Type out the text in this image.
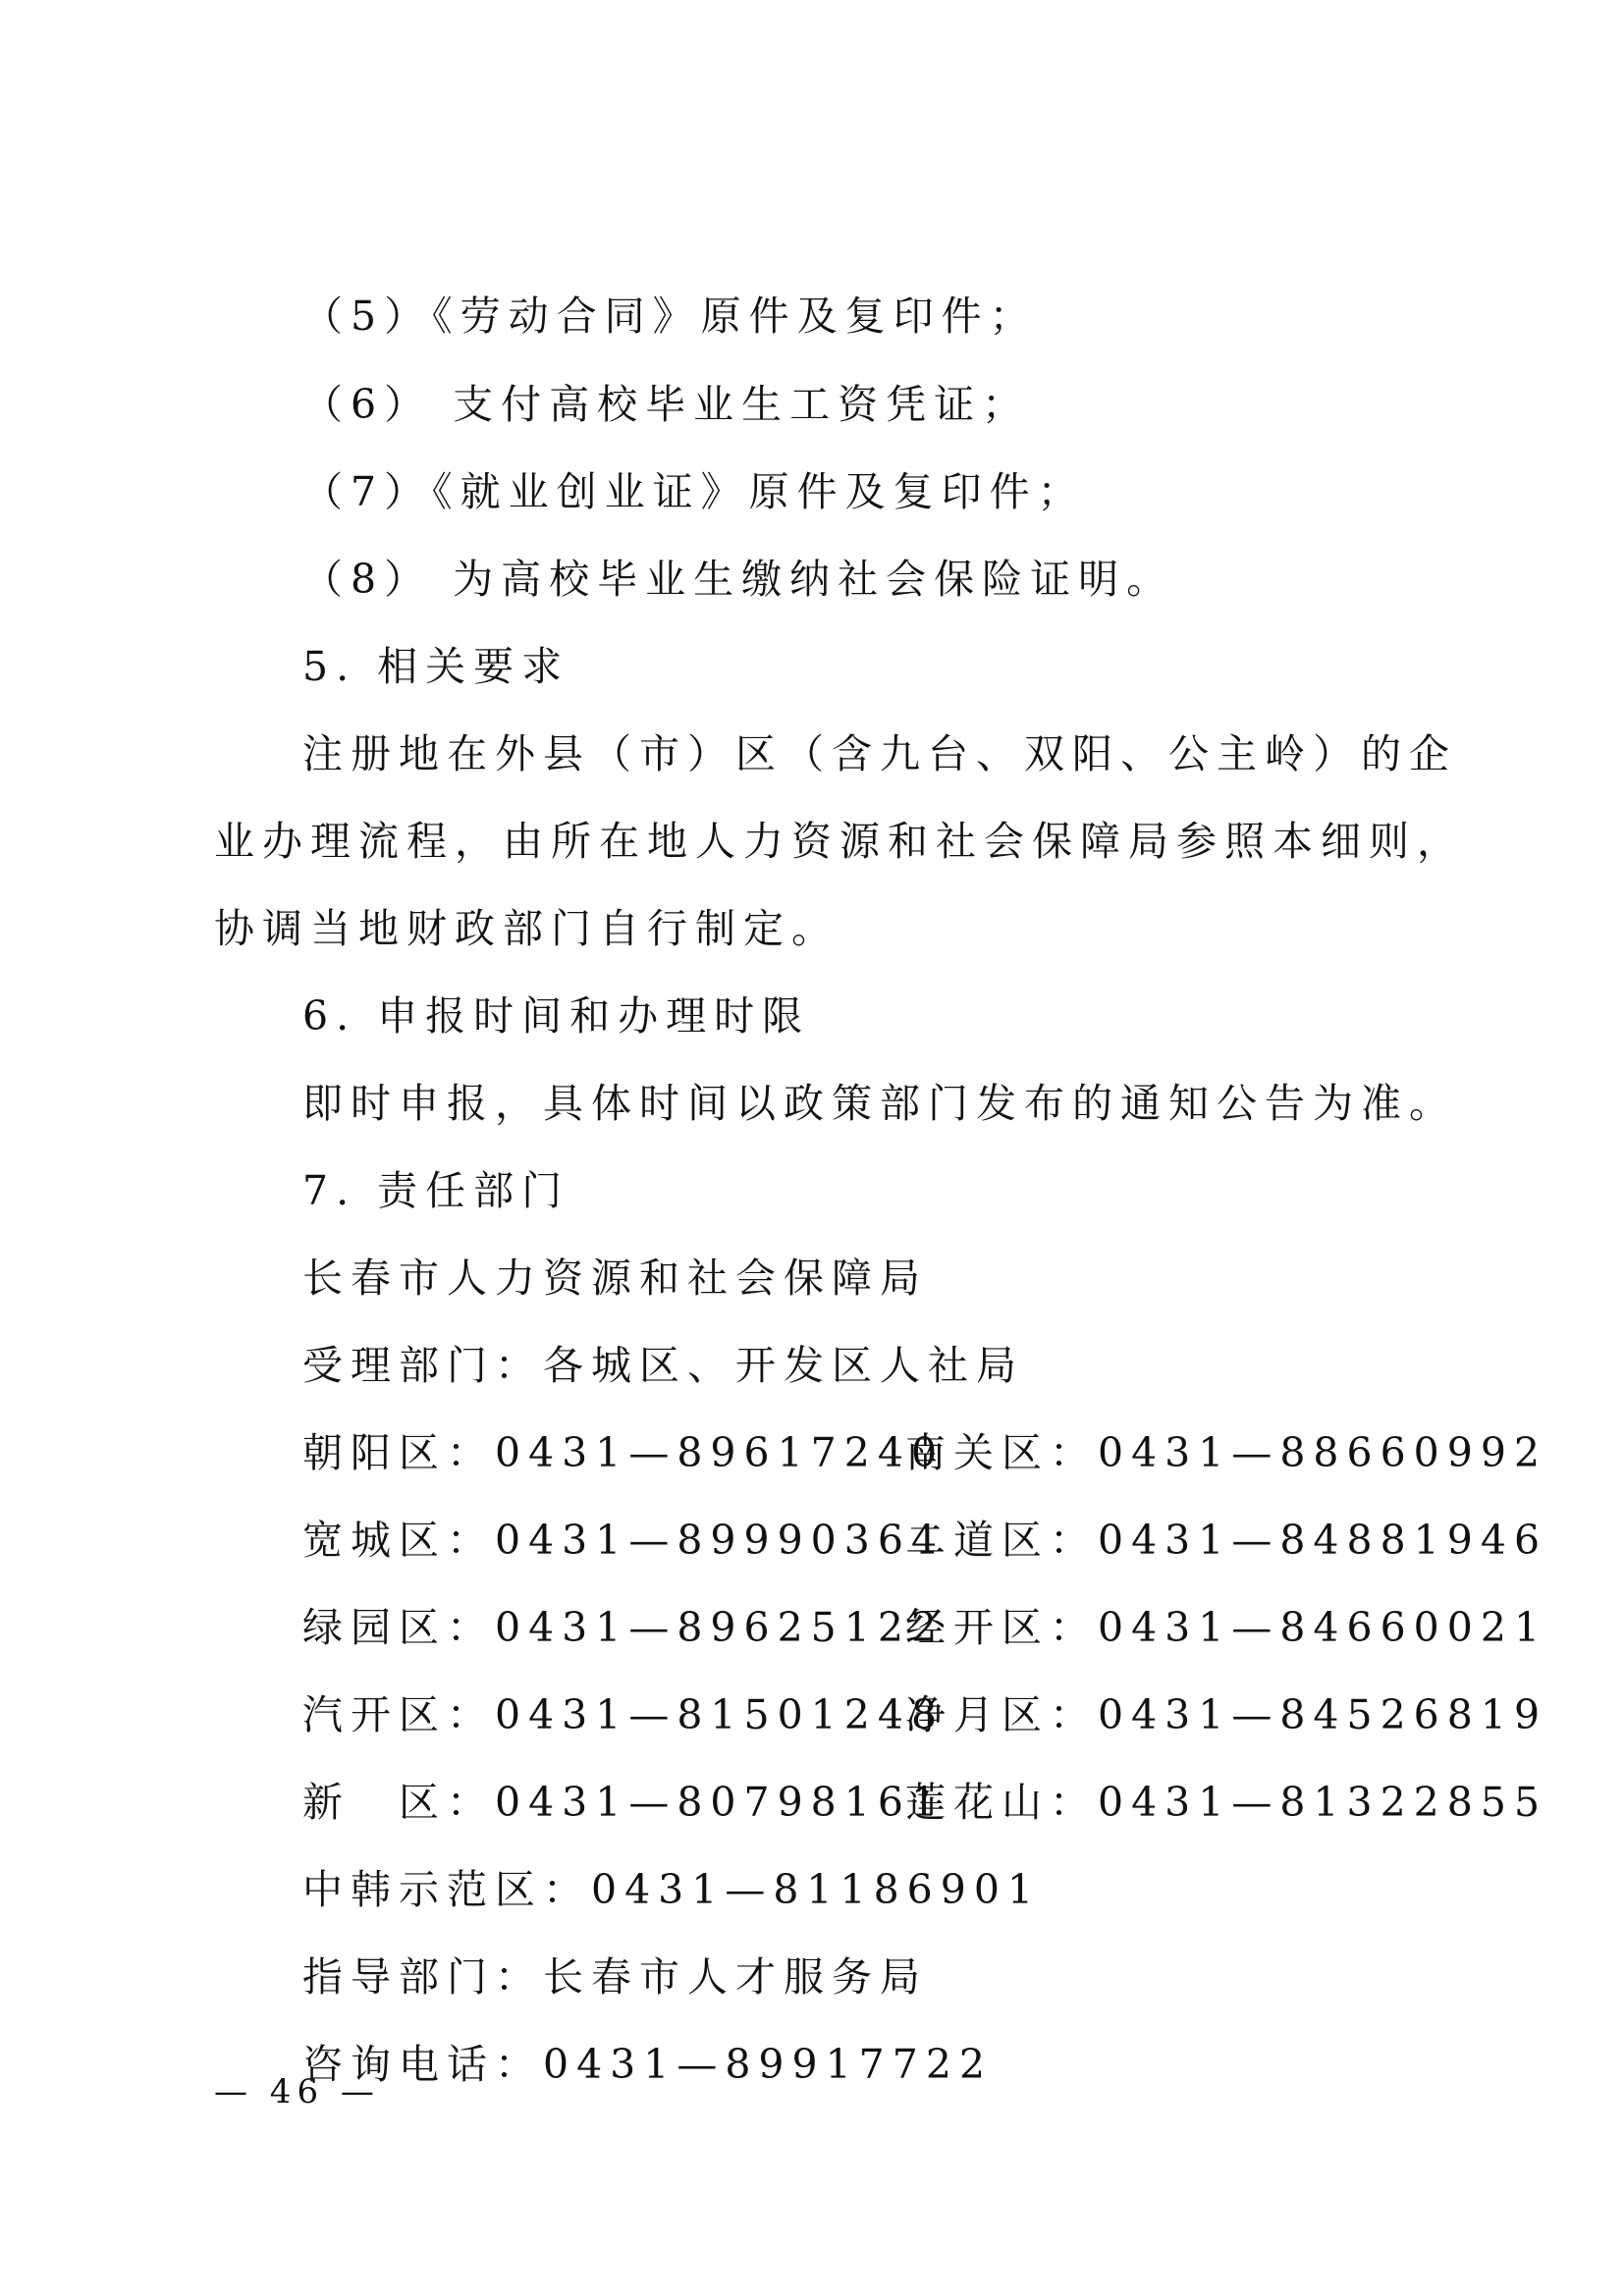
（5）《劳动合同》原件及复印件；
（6） 支付高校毕业生工资凭证；
（7）《就业创业证》原件及复印件；
（8） 为高校毕业生缴纳社会保险证明。
5. 相关要求
注册地在外县（市）区（含九台、双阳、公主岭）的企
业办理流程，由所在地人力资源和社会保障局参照本细则，
协调当地财政部门自行制定。
6. 申报时间和办理时限
即时申报，具体时间以政策部门发布的通知公告为准。
7. 责任部门
长春市人力资源和社会保障局
受理部门：各城区、开发区人社局
朝阳区：0431—89617240
南关区：0431—88660992
宽城区：0431—89990364
二道区：0431—84881946
绿园区：0431—89625122
经开区：0431—84660021
汽开区：0431—81501248
净月区：0431—84526819
新　区：0431—80798161
莲花山：0431—81322855
中韩示范区：0431—81186901
指导部门：长春市人才服务局
咨询电话：0431—89917722
— 46 —
